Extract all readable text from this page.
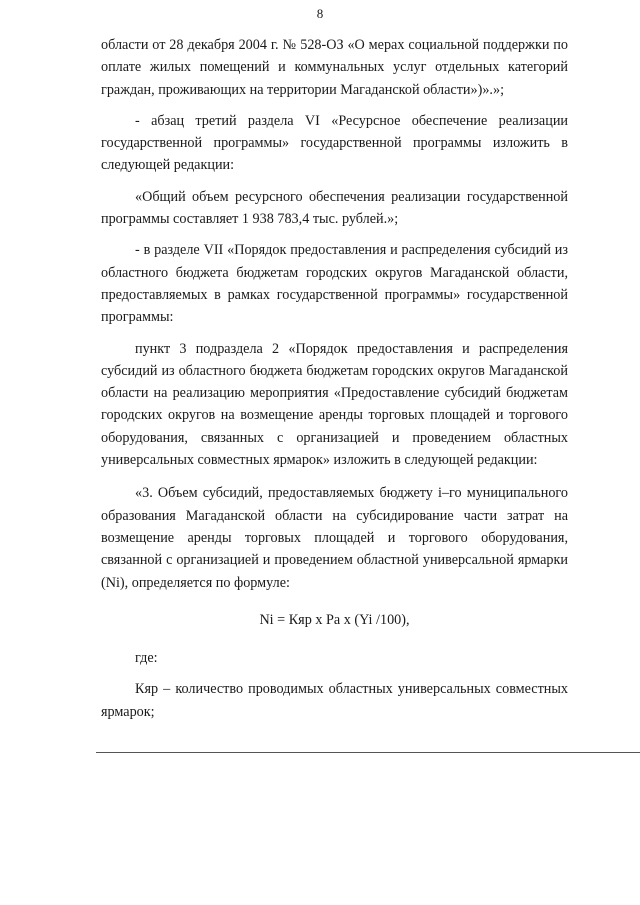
8

области от 28 декабря 2004 г. № 528-ОЗ «О мерах социальной поддержки по оплате жилых помещений и коммунальных услуг отдельных категорий граждан, проживающих на территории Магаданской области»)».»;

- абзац третий раздела VI «Ресурсное обеспечение реализации государственной программы» государственной программы изложить в следующей редакции:

«Общий объем ресурсного обеспечения реализации государственной программы составляет 1 938 783,4 тыс. рублей.»;

- в разделе VII «Порядок предоставления и распределения субсидий из областного бюджета бюджетам городских округов Магаданской области, предоставляемых в рамках государственной программы» государственной программы:

пункт 3 подраздела 2 «Порядок предоставления и распределения субсидий из областного бюджета бюджетам городских округов Магаданской области на реализацию мероприятия «Предоставление субсидий бюджетам городских округов на возмещение аренды торговых площадей и торгового оборудования, связанных с организацией и проведением областных универсальных совместных ярмарок» изложить в следующей редакции:

«3. Объем субсидий, предоставляемых бюджету i–го муниципального образования Магаданской области на субсидирование части затрат на возмещение аренды торговых площадей и торгового оборудования, связанной с организацией и проведением областной универсальной ярмарки (Ni), определяется по формуле:

Ni = Кяр x Ра x (Yi /100),

где:

Кяр – количество проводимых областных универсальных совместных ярмарок;
